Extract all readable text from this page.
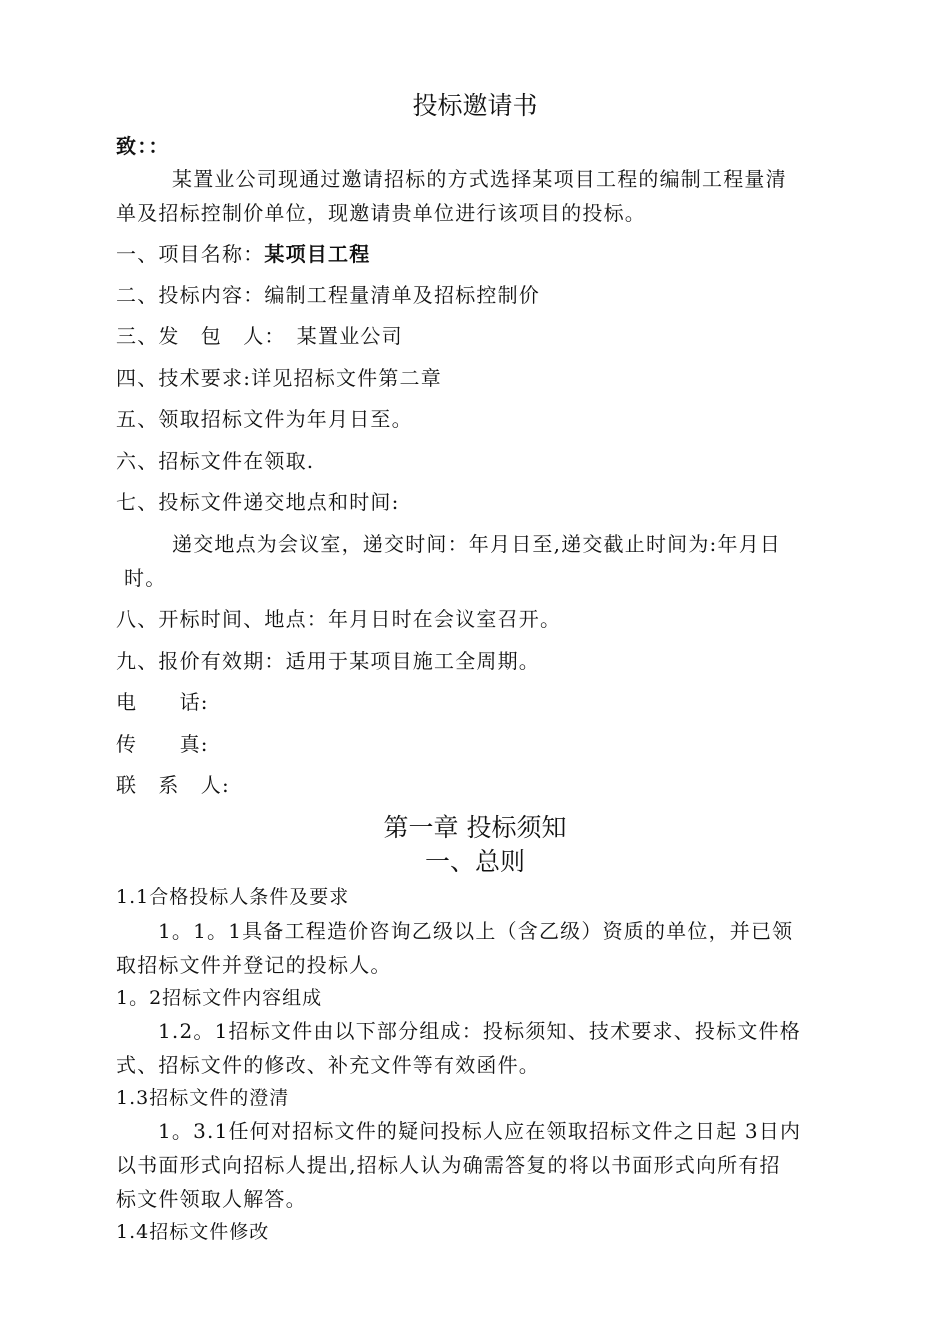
投标邀请书
致：：
某置业公司现通过邀请招标的方式选择某项目工程的编制工程量清
单及招标控制价单位，现邀请贵单位进行该项目的投标。
一、项目名称：某项目工程
二、投标内容：编制工程量清单及招标控制价
三、发　包　人：　某置业公司
四、技术要求:详见招标文件第二章
五、领取招标文件为年月日至。
六、招标文件在领取.
七、投标文件递交地点和时间:
递交地点为会议室，递交时间：年月日至,递交截止时间为:年月日
时。
八、开标时间、地点：年月日时在会议室召开。
九、报价有效期：适用于某项目施工全周期。
电　　话:
传　　真:
联　系　人:
第一章 投标须知
一、总则
1.1合格投标人条件及要求
1。1。1具备工程造价咨询乙级以上（含乙级）资质的单位，并已领
取招标文件并登记的投标人。
1。2招标文件内容组成
1.2。1招标文件由以下部分组成：投标须知、技术要求、投标文件格
式、招标文件的修改、补充文件等有效函件。
1.3招标文件的澄清
1。3.1任何对招标文件的疑问投标人应在领取招标文件之日起 3日内
以书面形式向招标人提出,招标人认为确需答复的将以书面形式向所有招
标文件领取人解答。
1.4招标文件修改
